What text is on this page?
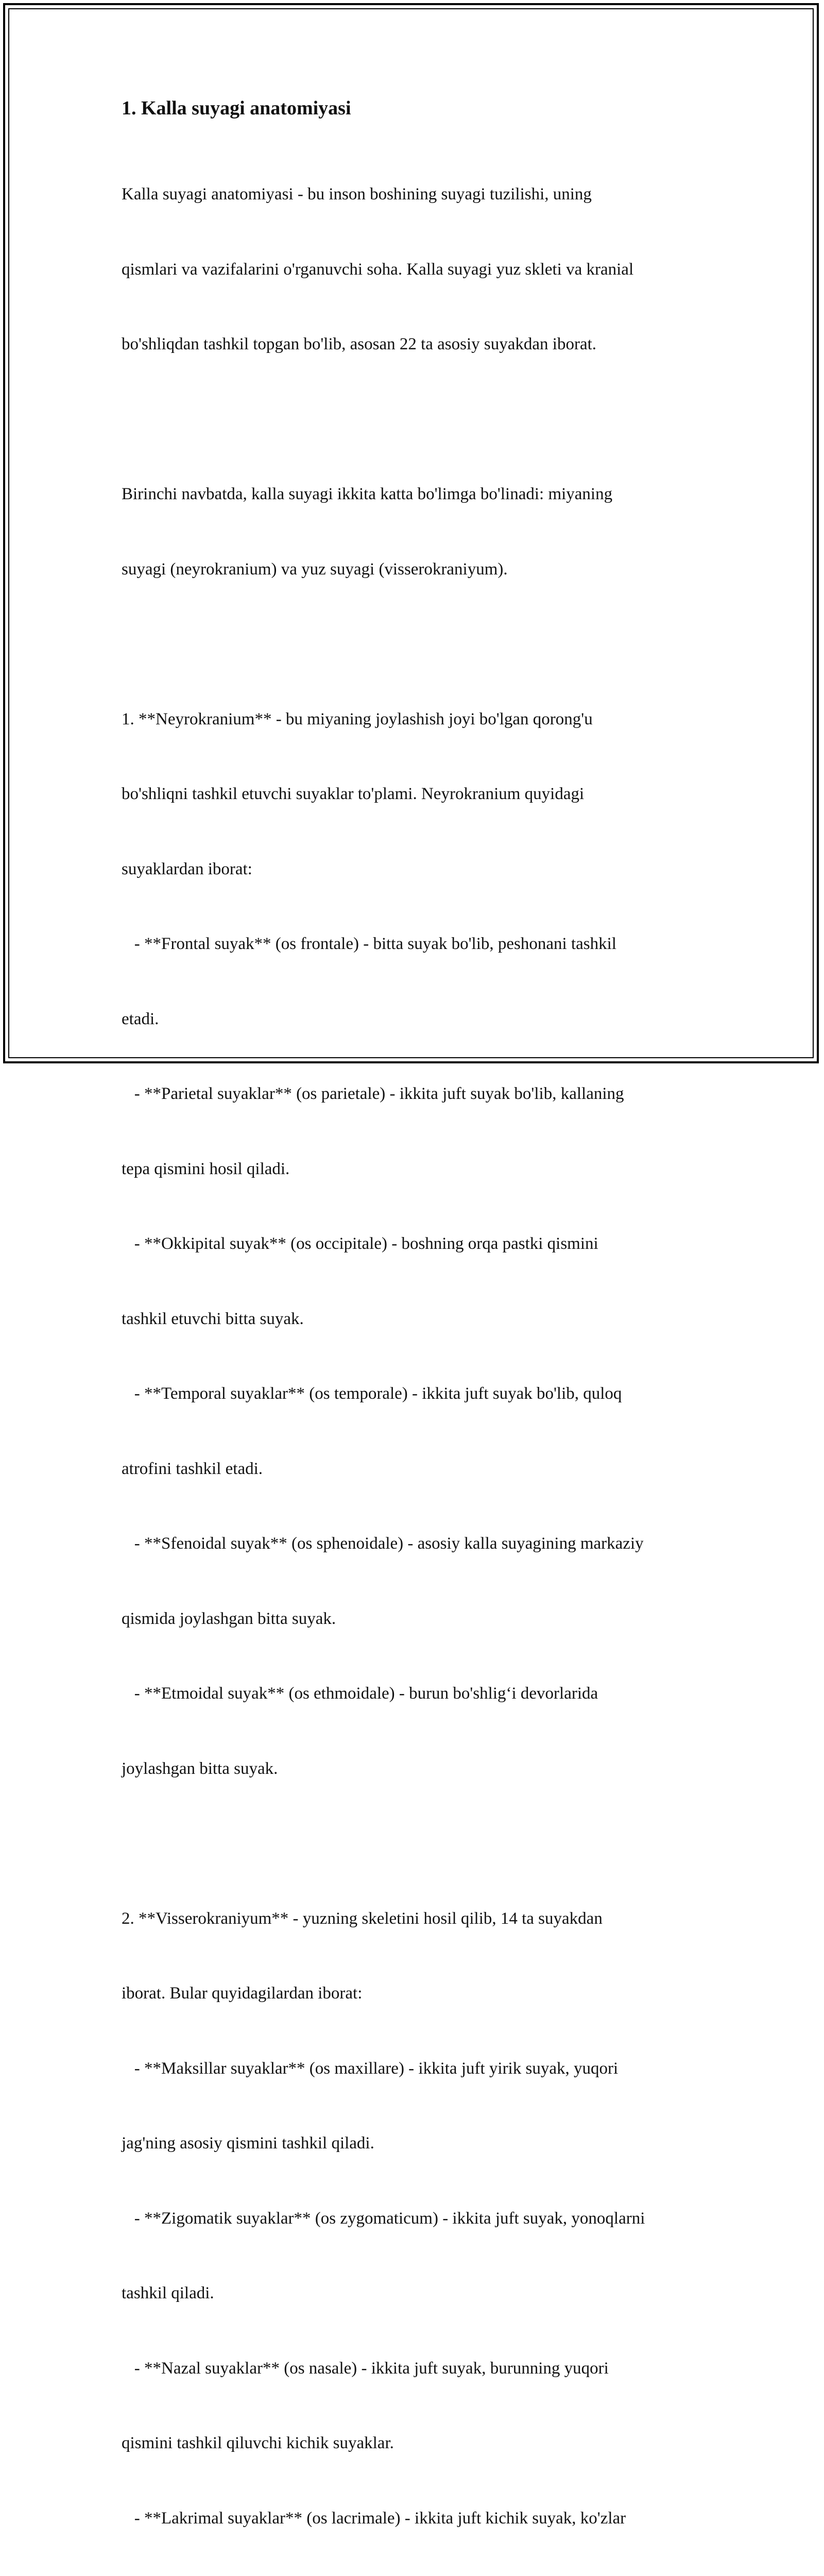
1. Kalla suyagi anatomiyasi

Kalla suyagi anatomiyasi - bu inson boshining suyagi tuzilishi, uning

qismlari va vazifalarini o'rganuvchi soha. Kalla suyagi yuz skleti va kranial

bo'shliqdan tashkil topgan bo'lib, asosan 22 ta asosiy suyakdan iborat.

Birinchi navbatda, kalla suyagi ikkita katta bo'limga bo'linadi: miyaning

suyagi (neyrokranium) va yuz suyagi (visserokraniyum).

1. **Neyrokranium** - bu miyaning joylashish joyi bo'lgan qorong'u

bo'shliqni tashkil etuvchi suyaklar to'plami. Neyrokranium quyidagi

suyaklardan iborat:

- **Frontal suyak** (os frontale) - bitta suyak bo'lib, peshonani tashkil

etadi.

- **Parietal suyaklar** (os parietale) - ikkita juft suyak bo'lib, kallaning

tepa qismini hosil qiladi.

- **Okkipital suyak** (os occipitale) - boshning orqa pastki qismini

tashkil etuvchi bitta suyak.

- **Temporal suyaklar** (os temporale) - ikkita juft suyak bo'lib, quloq

atrofini tashkil etadi.

- **Sfenoidal suyak** (os sphenoidale) - asosiy kalla suyagining markaziy

qismida joylashgan bitta suyak.

- **Etmoidal suyak** (os ethmoidale) - burun bo'shlig‘i devorlarida

joylashgan bitta suyak.

2. **Visserokraniyum** - yuzning skeletini hosil qilib, 14 ta suyakdan

iborat. Bular quyidagilardan iborat:

- **Maksillar suyaklar** (os maxillare) - ikkita juft yirik suyak, yuqori

jag'ning asosiy qismini tashkil qiladi.

- **Zigomatik suyaklar** (os zygomaticum) - ikkita juft suyak, yonoqlarni

tashkil qiladi.

- **Nazal suyaklar** (os nasale) - ikkita juft suyak, burunning yuqori

qismini tashkil qiluvchi kichik suyaklar.

- **Lakrimal suyaklar** (os lacrimale) - ikkita juft kichik suyak, ko'zlar
